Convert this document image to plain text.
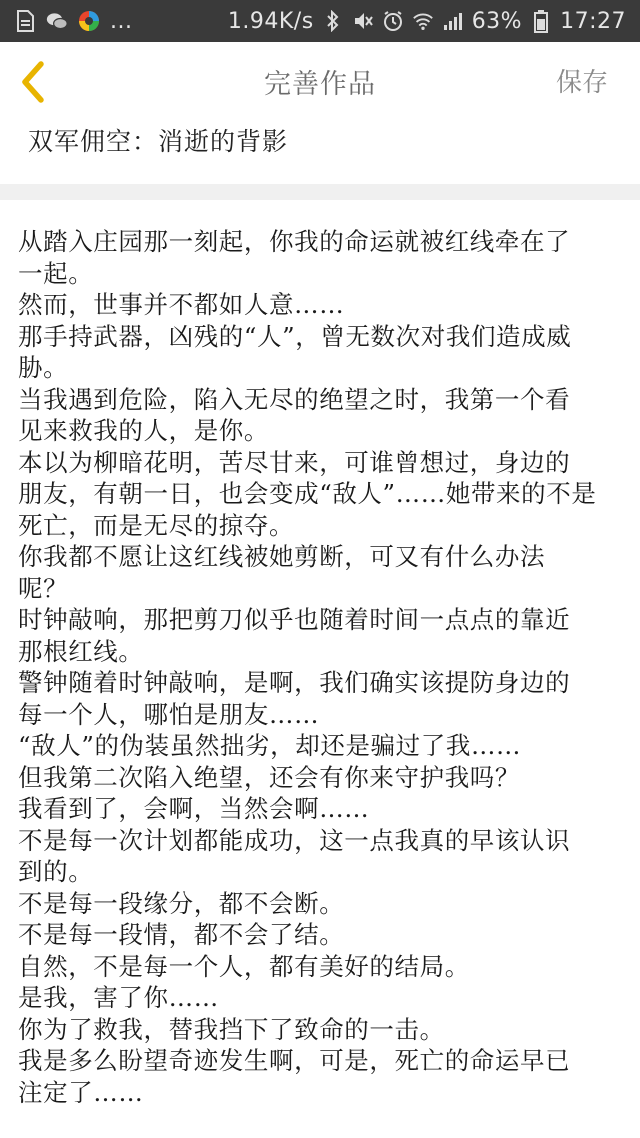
...	1.94K/s	63% 17:27
完善作品	保存
双军佣空：消逝的背影
从踏入庄园那一刻起，你我的命运就被红线牵在了
一起。
然而，世事并不都如人意……
那手持武器，凶残的“人”，曾无数次对我们造成威
胁。
当我遇到危险，陷入无尽的绝望之时，我第一个看
见来救我的人，是你。
本以为柳暗花明，苦尽甘来，可谁曾想过，身边的
朋友，有朝一日，也会变成“敌人”……她带来的不是
死亡，而是无尽的掠夺。
你我都不愿让这红线被她剪断，可又有什么办法
呢？
时钟敲响，那把剪刀似乎也随着时间一点点的靠近
那根红线。
警钟随着时钟敲响，是啊，我们确实该提防身边的
每一个人，哪怕是朋友……
“敌人”的伪装虽然拙劣，却还是骗过了我……
但我第二次陷入绝望，还会有你来守护我吗？
我看到了，会啊，当然会啊……
不是每一次计划都能成功，这一点我真的早该认识
到的。
不是每一段缘分，都不会断。
不是每一段情，都不会了结。
自然，不是每一个人，都有美好的结局。
是我，害了你……
你为了救我，替我挡下了致命的一击。
我是多么盼望奇迹发生啊，可是，死亡的命运早已
注定了……
